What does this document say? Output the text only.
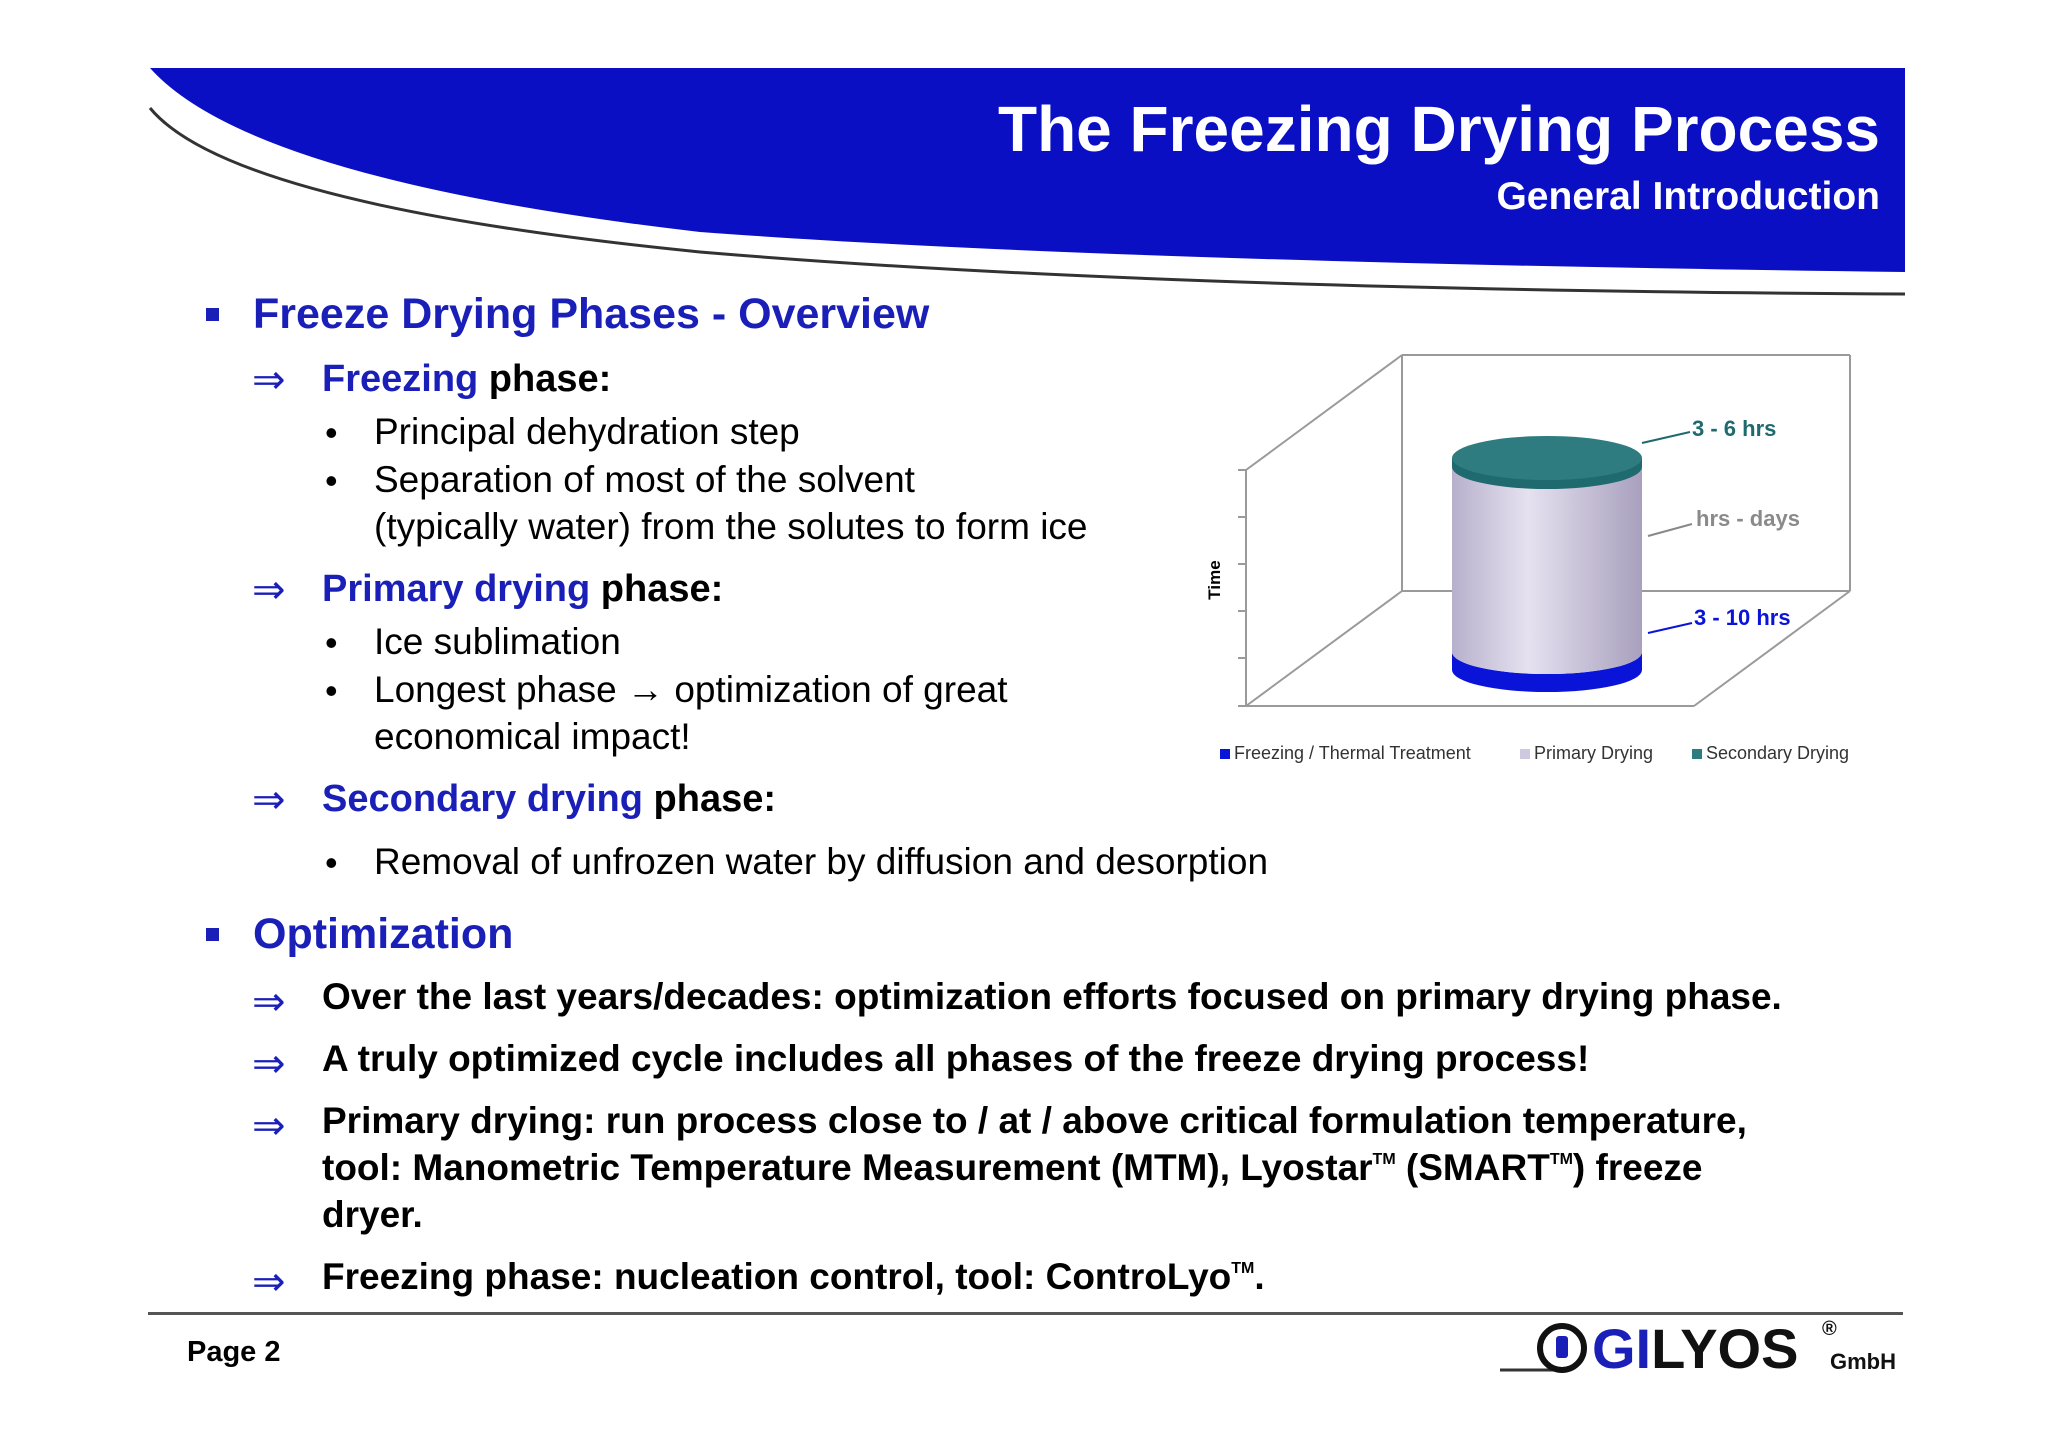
The Freezing Drying Process
General Introduction
Freeze Drying Phases - Overview
⇒ Freezing phase:
• Principal dehydration step
• Separation of most of the solvent
(typically water) from the solutes to form ice
⇒ Primary drying phase:
• Ice sublimation
• Longest phase → optimization of great
economical impact!
⇒ Secondary drying phase:
• Removal of unfrozen water by diffusion and desorption
Time
3 - 6 hrs
hrs - days
3 - 10 hrs
Freezing / Thermal Treatment	Primary Drying	Secondary Drying
Optimization
⇒ Over the last years/decades: optimization efforts focused on primary drying phase.
⇒ A truly optimized cycle includes all phases of the freeze drying process!
⇒ Primary drying: run process close to / at / above critical formulation temperature,
tool: Manometric Temperature Measurement (MTM), Lyostar™ (SMART™) freeze
dryer.
⇒ Freezing phase: nucleation control, tool: ControLyo™.
Page 2	GILYOS ®
GmbH
